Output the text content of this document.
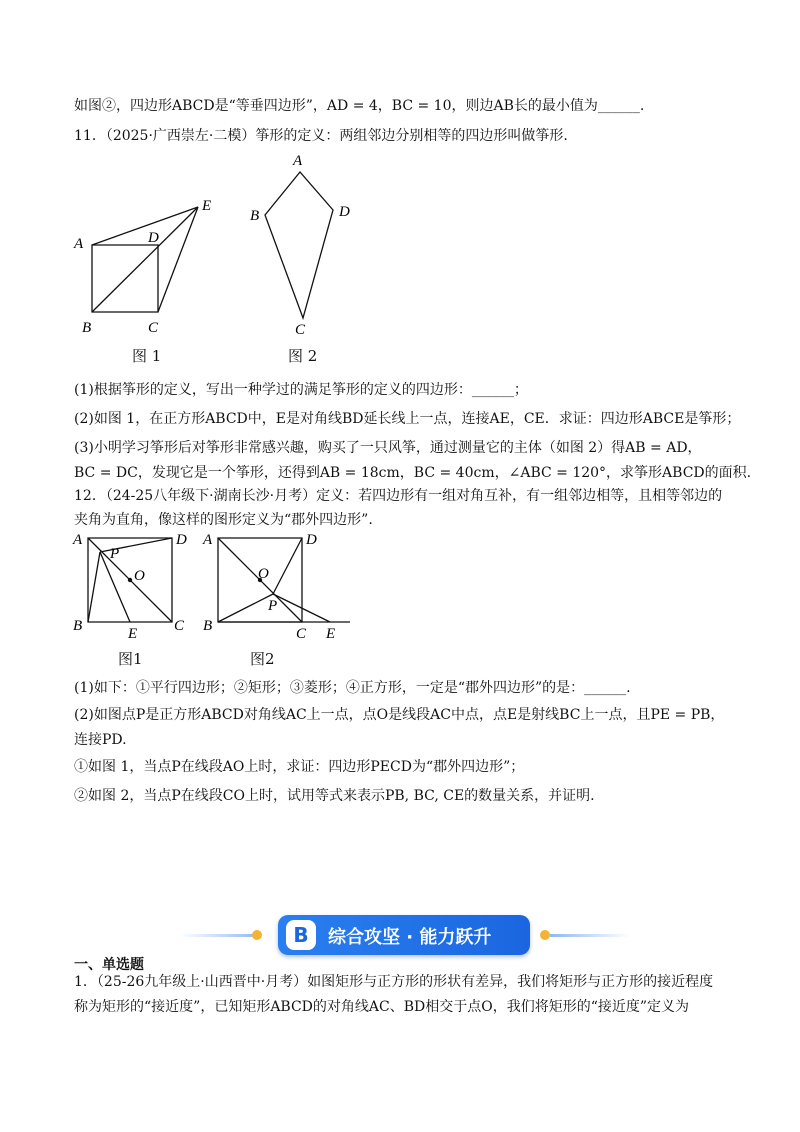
如图②，四边形ABCD是“等垂四边形”，AD = 4，BC = 10，则边AB长的最小值为______.
11．（2025·广西崇左·二模）筝形的定义：两组邻边分别相等的四边形叫做筝形.
A
B	C
D
E
图 1
A
B
C
D
图 2
(1)根据筝形的定义，写出一种学过的满足筝形的定义的四边形：______；
(2)如图 1，在正方形ABCD中，E是对角线BD延长线上一点，连接AE，CE．求证：四边形ABCE是筝形；
(3)小明学习筝形后对筝形非常感兴趣，购买了一只风筝，通过测量它的主体（如图 2）得AB = AD，
BC = DC，发现它是一个筝形，还得到AB = 18cm，BC = 40cm，∠ABC = 120°，求筝形ABCD的面积.
12．（24-25八年级下·湖南长沙·月考）定义：若四边形有一组对角互补，有一组邻边相等，且相等邻边的
夹角为直角，像这样的图形定义为“郡外四边形”.
A	D
P
O
B	E C
图1
A	D
O
P
B	C E
图2
(1)如下：①平行四边形；②矩形；③菱形；④正方形，一定是“郡外四边形”的是：______.
(2)如图点P是正方形ABCD对角线AC上一点，点O是线段AC中点，点E是射线BC上一点，且PE = PB，
连接PD.
①如图 1，当点P在线段AO上时，求证：四边形PECD为“郡外四边形”；
②如图 2，当点P在线段CO上时，试用等式来表示PB, BC, CE的数量关系，并证明.
B	综合攻坚 · 能力跃升
一、单选题
1．（25-26九年级上·山西晋中·月考）如图矩形与正方形的形状有差异，我们将矩形与正方形的接近程度
称为矩形的“接近度”，已知矩形ABCD的对角线AC、BD相交于点O，我们将矩形的“接近度”定义为
